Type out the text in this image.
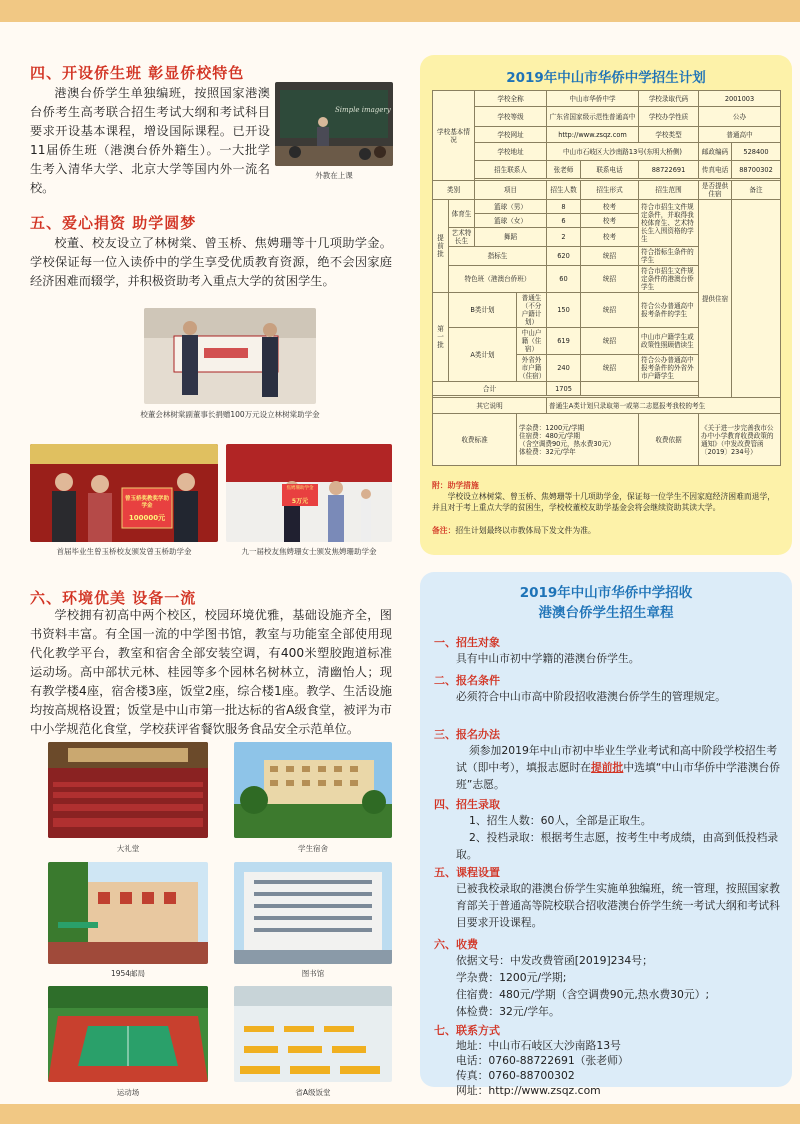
四、开设侨生班 彰显侨校特色

港澳台侨学生单独编班，按照国家港澳台侨考生高考联合招生考试大纲和考试科目要求开设基本课程，增设国际课程。已开设11届侨生班（港澳台侨外籍生）。一大批学生考入清华大学、北京大学等国内外一流名校。

Simple imagery
外教在上课
五、爱心捐资 助学圆梦

校董、校友设立了林树棠、曾玉桥、焦娉珊等十几项助学金。学校保证每一位入读侨中的学生享受优质教育资源，绝不会因家庭经济困难而辍学，并积极资助考入重点大学的贫困学生。

校董会林树棠副董事长捐赠100万元设立林树棠助学金
曾玉桥奖教奖学助学金
100000元
首届毕业生曾玉桥校友颁发曾玉桥助学金
焦娉珊助学金
5万元
九一届校友焦娉珊女士颁发焦娉珊助学金
六、环境优美 设备一流

学校拥有初高中两个校区，校园环境优雅，基础设施齐全，图书资料丰富。有全国一流的中学图书馆，教室与功能室全部使用现代化教学平台，教室和宿舍全部安装空调，有400米塑胶跑道标准运动场。高中部状元林、桂园等多个园林名树林立，清幽怡人；现有教学楼4座，宿舍楼3座，饭堂2座，综合楼1座。教学、生活设施均按高规格设置；饭堂是中山市第一批达标的省A级食堂，被评为市中小学规范化食堂，学校获评省餐饮服务食品安全示范单位。

大礼堂	学生宿舍
1954邮局	图书馆
运动场	省A级饭堂
2019年中山市华侨中学招生计划
学校基本情况		学校全称		中山市华侨中学		学校录取代码	2001003	
		学校等级		广东省国家级示范性普通高中		学校办学性质	公办	
		学校网址		http://www.zsqz.com		学校类型	普通高中	
		学校地址		中山市石岐区大沙南路13号(东明大桥侧)			邮政编码	528400
		招生联系人		张老师	联系电话	88722691	传真电话	88700302

类别		项目		招生人数	招生形式	招生范围	是否提供住宿	备注
提前批	体育生	篮球（男）		8	校考	符合市招生文件规定条件，并取得我校体育生、艺术特长生入围资格的学生	提供住宿	
		篮球（女）		6	校考			
	艺术特长生	舞蹈		2	校考			
	指标生			620	统招	符合指标生条件的学生		
	特色班（港澳台侨班）			60	统招	符合市招生文件规定条件的港澳台侨学生		
第一批	B类计划		普通生（不分户籍计划）	150	统招	符合公办普通高中报考条件的学生		
	A类计划		中山户籍（住宿）	619	统招	中山市户籍学生或政策性照顾借读生		
			外省外市户籍（住宿）	240	统招	符合公办普通高中报考条件的外省外市户籍学生		
合计				1705				

其它说明				普通生A类计划只录取第一或第二志愿报考我校的考生				
收费标准			学杂费：1200元/学期
住宿费：480元/学期
（含空调费90元，热水费30元）
体检费：32元/学年			收费依据	《关于进一步完善我市公办中小学教育收费政策的通知》（中发改费管函〔2019〕234号）	
附：助学措施
学校设立林树棠、曾玉桥、焦娉珊等十几项助学金，保证每一位学生不因家庭经济困难而退学，并且对于考上重点大学的贫困生，学校校董校友助学基金会将会继续资助其读大学。
备注：招生计划最终以市教体局下发文件为准。
2019年中山市华侨中学招收
港澳台侨学生招生章程
一、招生对象

具有中山市初中学籍的港澳台侨学生。

二、报名条件

必须符合中山市高中阶段招收港澳台侨学生的管理规定。

三、报名办法

须参加2019年中山市初中毕业生学业考试和高中阶段学校招生考试（即中考），填报志愿时在提前批中选填“中山市华侨中学港澳台侨班”志愿。

四、招生录取

1、招生人数：60人，全部是正取生。

2、投档录取：根据考生志愿，按考生中考成绩，由高到低投档录取。

五、课程设置

已被我校录取的港澳台侨学生实施单独编班，统一管理，按照国家教育部关于普通高等院校联合招收港澳台侨学生统一考试大纲和考试科目要求开设课程。

六、收费
依据文号：中发改费管函[2019]234号；
学杂费：1200元/学期;
住宿费：480元/学期（含空调费90元,热水费30元）;
体检费：32元/学年。
七、联系方式
地址：中山市石岐区大沙南路13号
电话：0760-88722691（张老师）
传真：0760-88700302
网址：http://www.zsqz.com
